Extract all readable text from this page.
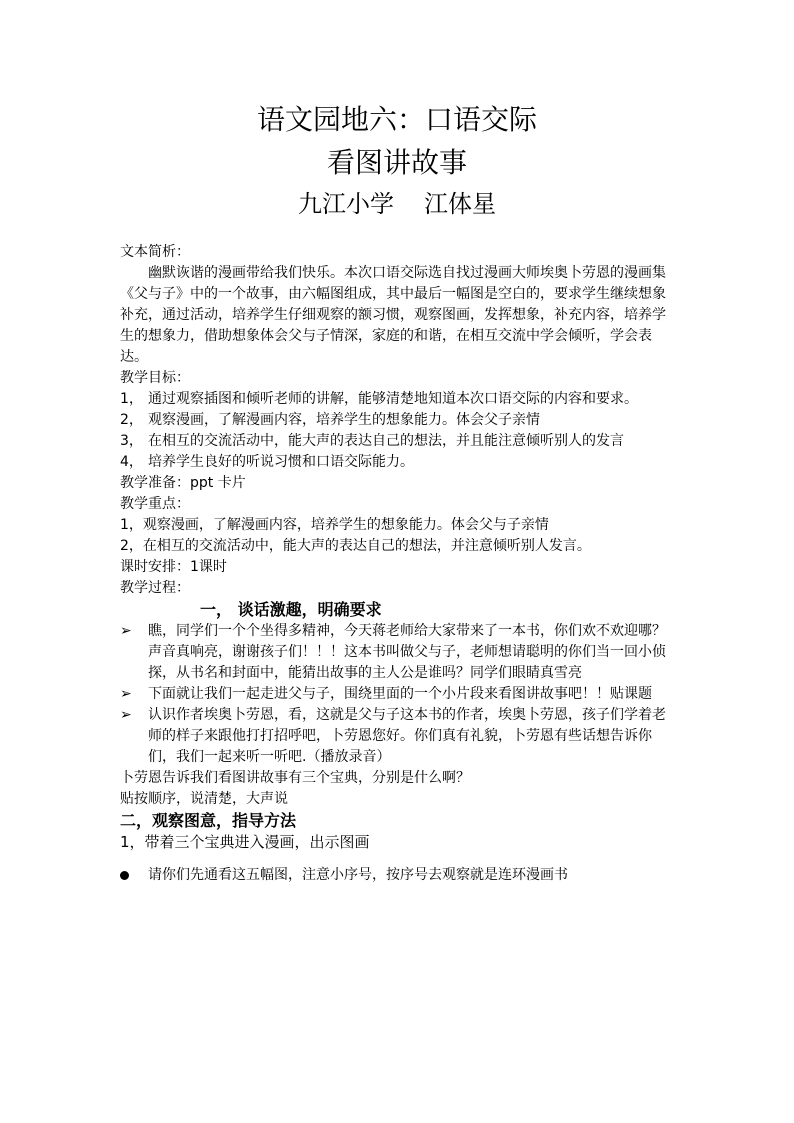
语文园地六：口语交际
看图讲故事
九江小学 江体星

文本简析：

幽默诙谐的漫画带给我们快乐。本次口语交际选自找过漫画大师埃奥卜劳恩的漫画集《父与子》中的一个故事，由六幅图组成，其中最后一幅图是空白的，要求学生继续想象补充，通过活动，培养学生仔细观察的额习惯，观察图画，发挥想象，补充内容，培养学生的想象力，借助想象体会父与子情深，家庭的和谐，在相互交流中学会倾听，学会表达。

教学目标：

1， 通过观察插图和倾听老师的讲解，能够清楚地知道本次口语交际的内容和要求。
2， 观察漫画，了解漫画内容，培养学生的想象能力。体会父子亲情
3， 在相互的交流活动中，能大声的表达自己的想法，并且能注意倾听别人的发言
4， 培养学生良好的听说习惯和口语交际能力。

教学准备：ppt 卡片

教学重点：

1，观察漫画，了解漫画内容，培养学生的想象能力。体会父与子亲情

2，在相互的交流活动中，能大声的表达自己的想法，并注意倾听别人发言。

课时安排：1课时

教学过程：

一， 谈话激趣，明确要求

➢	瞧，同学们一个个坐得多精神，今天蒋老师给大家带来了一本书，你们欢不欢迎哪？声音真响亮，谢谢孩子们！！！这本书叫做父与子，老师想请聪明的你们当一回小侦探，从书名和封面中，能猜出故事的主人公是谁吗？同学们眼睛真雪亮
➢	下面就让我们一起走进父与子，围绕里面的一个小片段来看图讲故事吧！！贴课题
➢	认识作者埃奥卜劳恩，看，这就是父与子这本书的作者，埃奥卜劳恩，孩子们学着老师的样子来跟他打打招呼吧，卜劳恩您好。你们真有礼貌，卜劳恩有些话想告诉你们，我们一起来听一听吧.（播放录音）

卜劳恩告诉我们看图讲故事有三个宝典，分别是什么啊？

贴按顺序，说清楚，大声说

二，观察图意，指导方法

1，带着三个宝典进入漫画，出示图画

请你们先通看这五幅图，注意小序号，按序号去观察就是连环漫画书
